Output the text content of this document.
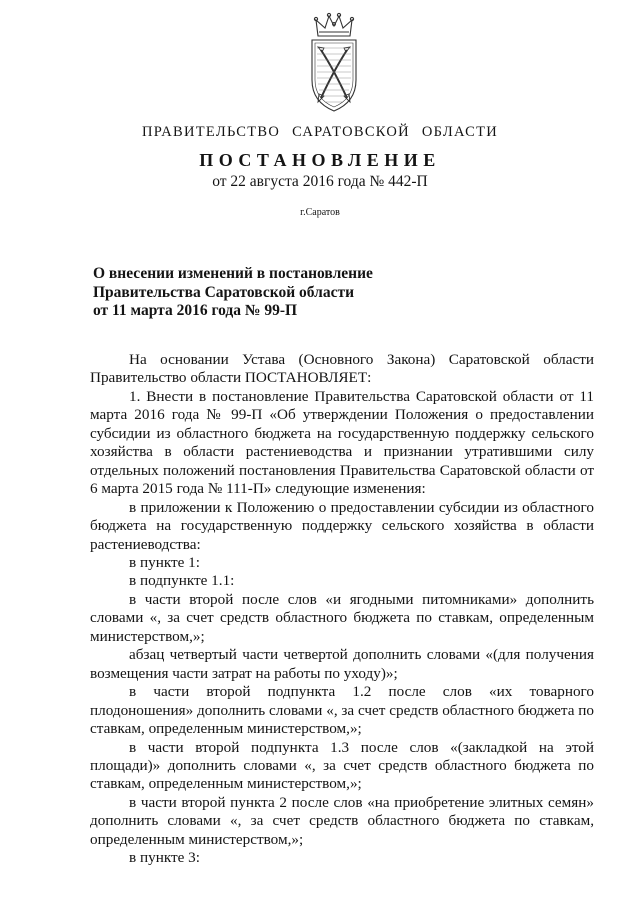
ПРАВИТЕЛЬСТВО САРАТОВСКОЙ ОБЛАСТИ
ПОСТАНОВЛЕНИЕ
от 22 августа 2016 года № 442-П
г.Саратов
О внесении изменений в постановление
Правительства Саратовской области
от 11 марта 2016 года № 99-П

На основании Устава (Основного Закона) Саратовской области Правительство области ПОСТАНОВЛЯЕТ:

1. Внести в постановление Правительства Саратовской области от 11 марта 2016 года № 99-П «Об утверждении Положения о предоставлении субсидии из областного бюджета на государственную поддержку сельского хозяйства в области растениеводства и признании утратившими силу отдельных положений постановления Правительства Саратовской области от 6 марта 2015 года № 111-П» следующие изменения:

в приложении к Положению о предоставлении субсидии из областного бюджета на государственную поддержку сельского хозяйства в области растениеводства:

в пункте 1:

в подпункте 1.1:

в части второй после слов «и ягодными питомниками» дополнить словами «, за счет средств областного бюджета по ставкам, определенным министерством,»;

абзац четвертый части четвертой дополнить словами «(для получения возмещения части затрат на работы по уходу)»;

в части второй подпункта 1.2 после слов «их товарного плодоношения» дополнить словами «, за счет средств областного бюджета по ставкам, определенным министерством,»;

в части второй подпункта 1.3 после слов «(закладкой на этой площади)» дополнить словами «, за счет средств областного бюджета по ставкам, определенным министерством,»;

в части второй пункта 2 после слов «на приобретение элитных семян» дополнить словами «, за счет средств областного бюджета по ставкам, определенным министерством,»;

в пункте 3:
